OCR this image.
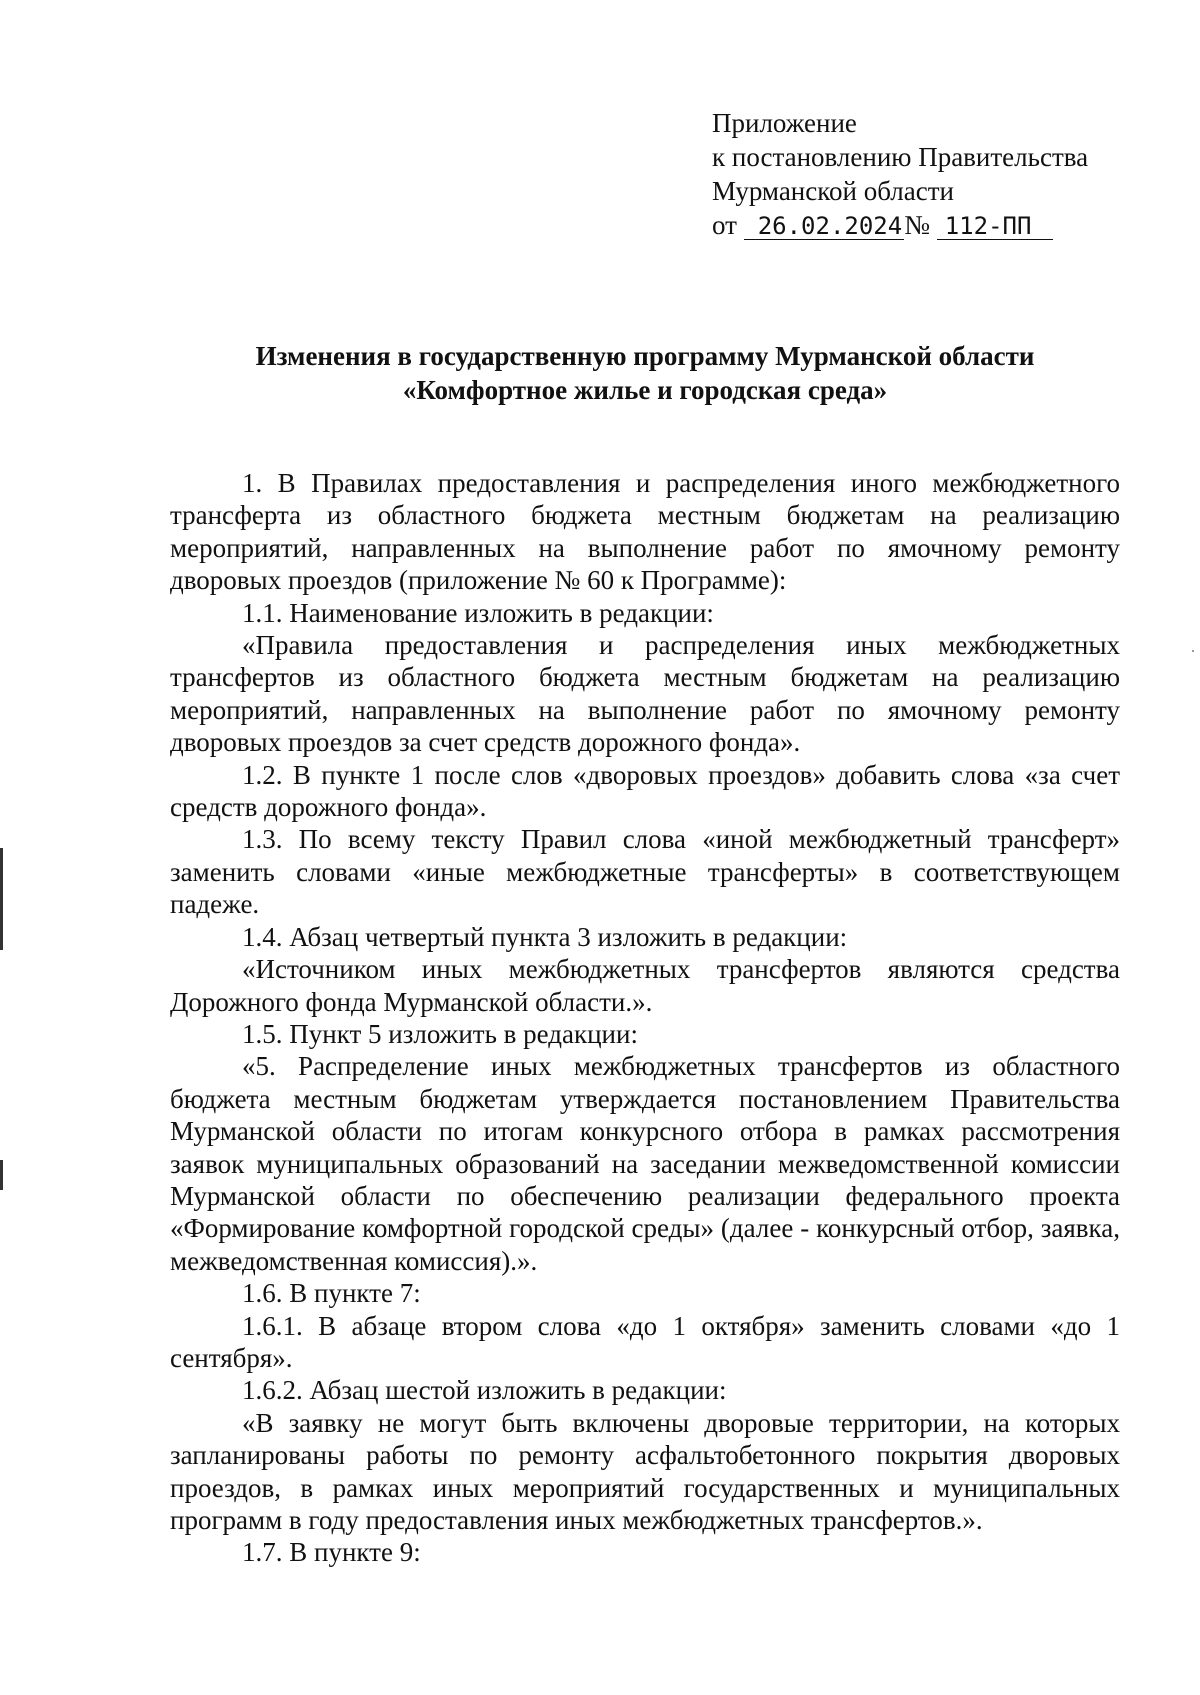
Приложение
к постановлению Правительства
Мурманской области
от 26.02.2024№ 112-ПП
Изменения в государственную программу Мурманской области
«Комфортное жилье и городская среда»

1. В Правилах предоставления и распределения иного межбюджетного трансферта из областного бюджета местным бюджетам на реализацию мероприятий, направленных на выполнение работ по ямочному ремонту дворовых проездов (приложение № 60 к Программе):

1.1. Наименование изложить в редакции:

«Правила предоставления и распределения иных межбюджетных трансфертов из областного бюджета местным бюджетам на реализацию мероприятий, направленных на выполнение работ по ямочному ремонту дворовых проездов за счет средств дорожного фонда».

1.2. В пункте 1 после слов «дворовых проездов» добавить слова «за счет средств дорожного фонда».

1.3. По всему тексту Правил слова «иной межбюджетный трансферт» заменить словами «иные межбюджетные трансферты» в соответствующем падеже.

1.4. Абзац четвертый пункта 3 изложить в редакции:

«Источником иных межбюджетных трансфертов являются средства Дорожного фонда Мурманской области.».

1.5. Пункт 5 изложить в редакции:

«5. Распределение иных межбюджетных трансфертов из областного бюджета местным бюджетам утверждается постановлением Правительства Мурманской области по итогам конкурсного отбора в рамках рассмотрения заявок муниципальных образований на заседании межведомственной комиссии Мурманской области по обеспечению реализации федерального проекта «Формирование комфортной городской среды» (далее - конкурсный отбор, заявка, межведомственная комиссия).».

1.6. В пункте 7:

1.6.1. В абзаце втором слова «до 1 октября» заменить словами «до 1 сентября».

1.6.2. Абзац шестой изложить в редакции:

«В заявку не могут быть включены дворовые территории, на которых запланированы работы по ремонту асфальтобетонного покрытия дворовых проездов, в рамках иных мероприятий государственных и муниципальных программ в году предоставления иных межбюджетных трансфертов.».

1.7. В пункте 9:
